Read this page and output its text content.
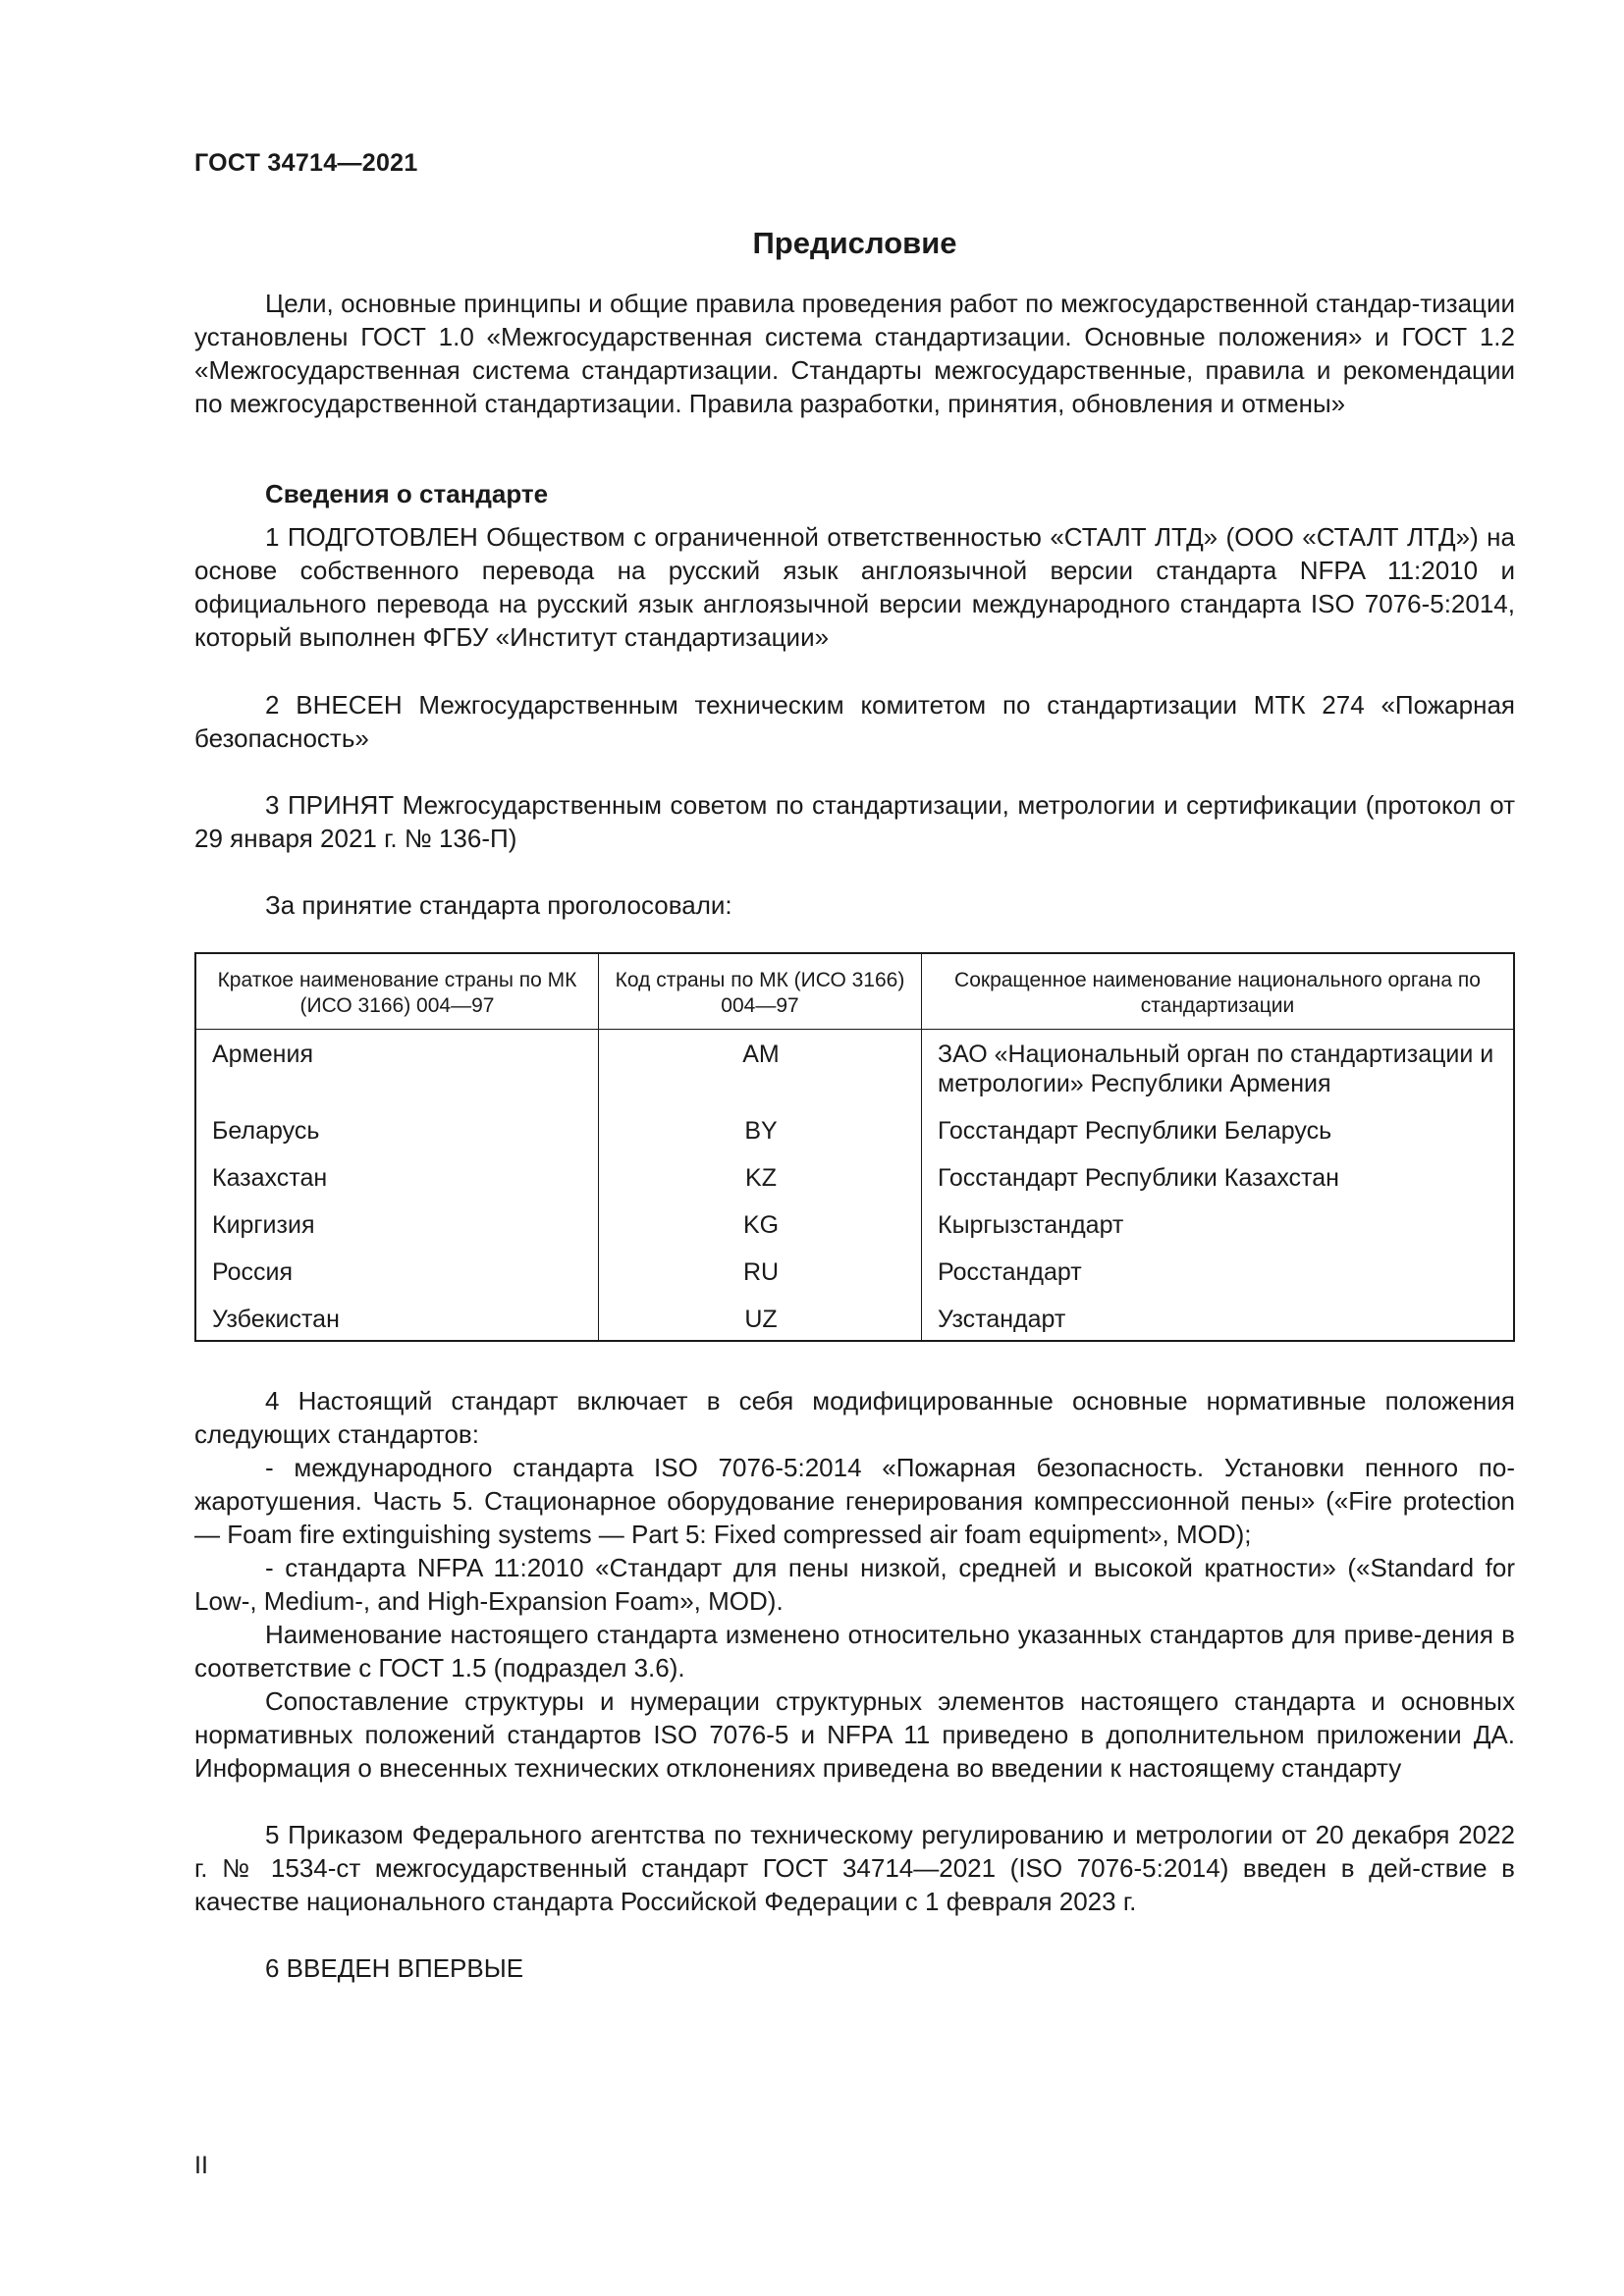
ГОСТ 34714—2021
Предисловие

Цели, основные принципы и общие правила проведения работ по межгосударственной стандар-тизации установлены ГОСТ 1.0 «Межгосударственная система стандартизации. Основные положения» и ГОСТ 1.2 «Межгосударственная система стандартизации. Стандарты межгосударственные, правила и рекомендации по межгосударственной стандартизации. Правила разработки, принятия, обновления и отмены»

Сведения о стандарте

1 ПОДГОТОВЛЕН Обществом с ограниченной ответственностью «СТАЛТ ЛТД» (ООО «СТАЛТ ЛТД») на основе собственного перевода на русский язык англоязычной версии стандарта NFPA 11:2010 и официального перевода на русский язык англоязычной версии международного стандарта ISO 7076-5:2014, который выполнен ФГБУ «Институт стандартизации»

2 ВНЕСЕН Межгосударственным техническим комитетом по стандартизации МТК 274 «Пожарная безопасность»

3 ПРИНЯТ Межгосударственным советом по стандартизации, метрологии и сертификации (протокол от 29 января 2021 г. № 136-П)

За принятие стандарта проголосовали:

Краткое наименование страны по МК (ИСО 3166) 004—97	Код страны по МК (ИСО 3166) 004—97	Сокращенное наименование национального органа по стандартизации
Армения	AM	ЗАО «Национальный орган по стандартизации и метрологии» Республики Армения
Беларусь	BY	Госстандарт Республики Беларусь
Казахстан	KZ	Госстандарт Республики Казахстан
Киргизия	KG	Кыргызстандарт
Россия	RU	Росстандарт
Узбекистан	UZ	Узстандарт

4 Настоящий стандарт включает в себя модифицированные основные нормативные положения следующих стандартов:

- международного стандарта ISO 7076-5:2014 «Пожарная безопасность. Установки пенного по-жаротушения. Часть 5. Стационарное оборудование генерирования компрессионной пены» («Fire protection — Foam fire extinguishing systems — Part 5: Fixed compressed air foam equipment», MOD);

- стандарта NFPA 11:2010 «Стандарт для пены низкой, средней и высокой кратности» («Standard for Low-, Medium-, and High-Expansion Foam», MOD).

Наименование настоящего стандарта изменено относительно указанных стандартов для приве-дения в соответствие с ГОСТ 1.5 (подраздел 3.6).

Сопоставление структуры и нумерации структурных элементов настоящего стандарта и основных нормативных положений стандартов ISO 7076-5 и NFPA 11 приведено в дополнительном приложении ДА. Информация о внесенных технических отклонениях приведена во введении к настоящему стандарту

5 Приказом Федерального агентства по техническому регулированию и метрологии от 20 декабря 2022 г. № 1534-ст межгосударственный стандарт ГОСТ 34714—2021 (ISO 7076-5:2014) введен в дей-ствие в качестве национального стандарта Российской Федерации с 1 февраля 2023 г.

6 ВВЕДЕН ВПЕРВЫЕ

II
